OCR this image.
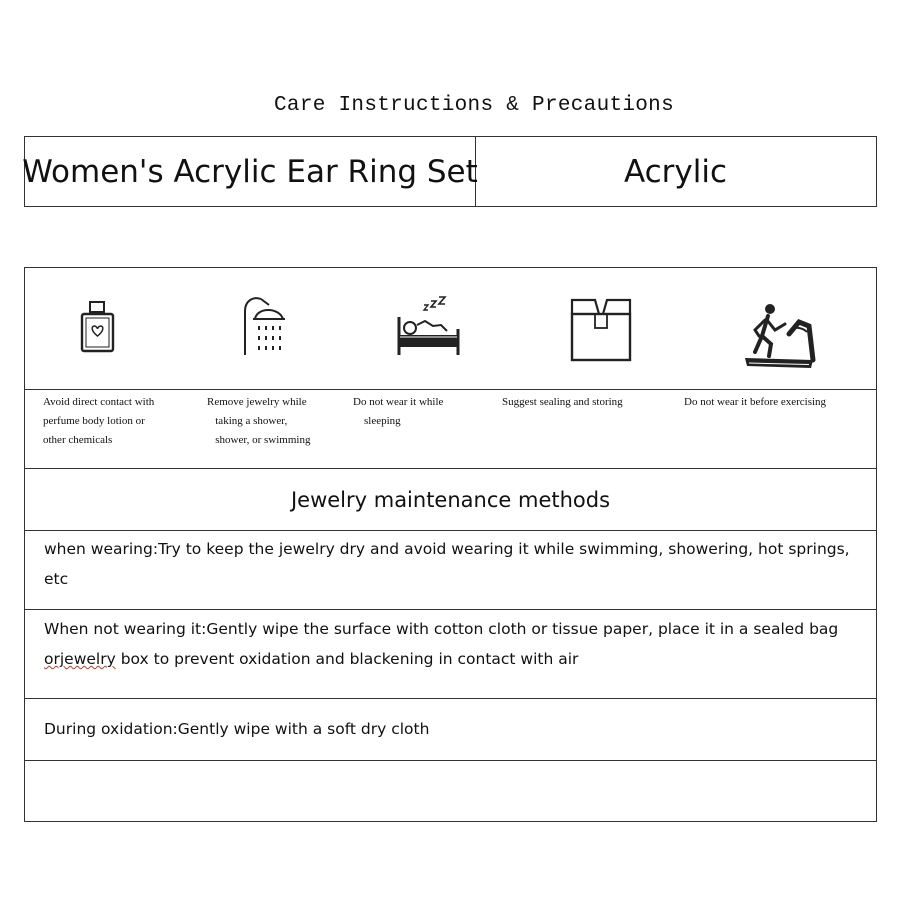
Care Instructions & Precautions
Women's Acrylic Ear Ring Set	Acrylic
Avoid direct contact with
perfume body lotion or
other chemicals
Remove jewelry while
taking a shower,
shower, or swimming
Do not wear it while
sleeping
Suggest sealing and storing	Do not wear it before exercising
Jewelry maintenance methods
when wearing:Try to keep the jewelry dry and avoid wearing it while swimming, showering, hot springs, etc
When not wearing it:Gently wipe the surface with cotton cloth or tissue paper, place it in a sealed bag orjewelry box to prevent oxidation and blackening in contact with air
During oxidation:Gently wipe with a soft dry cloth
